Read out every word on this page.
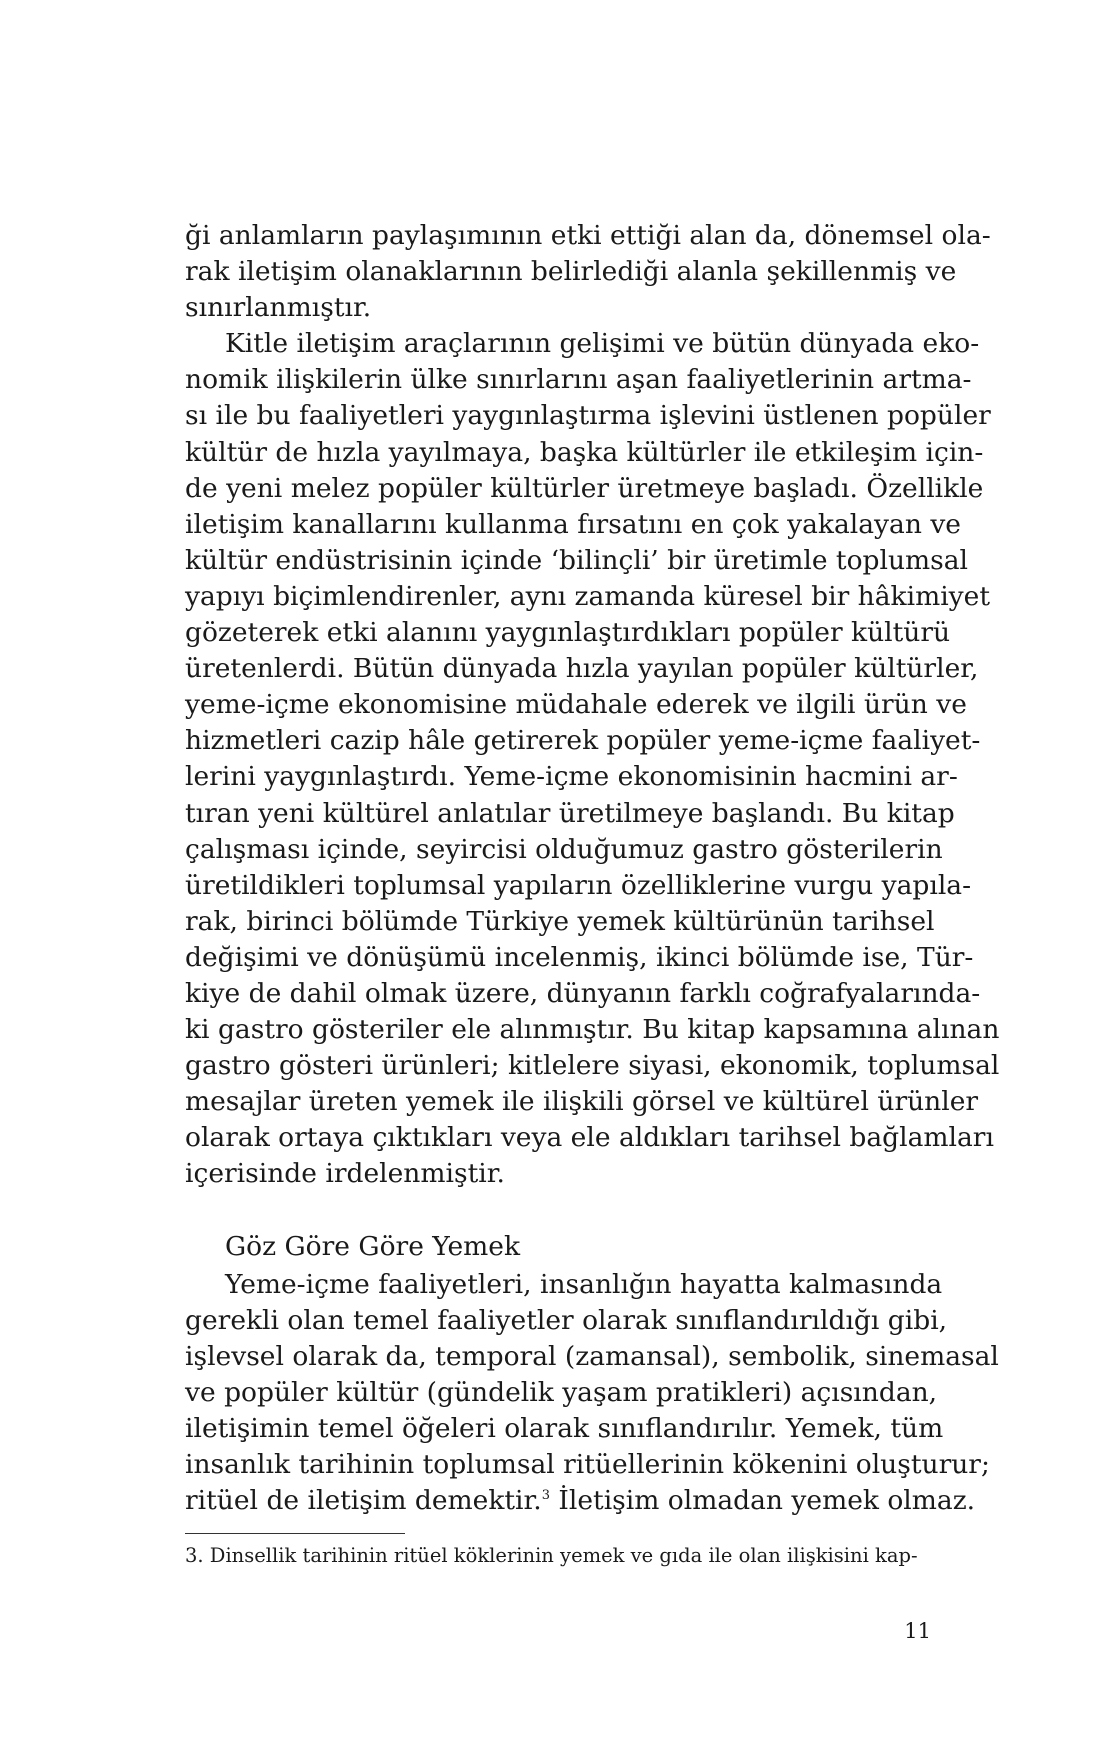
ği anlamların paylaşımının etki ettiği alan da, dönemsel ola-
rak iletişim olanaklarının belirlediği alanla şekillenmiş ve
sınırlanmıştır.
Kitle iletişim araçlarının gelişimi ve bütün dünyada eko-
nomik ilişkilerin ülke sınırlarını aşan faaliyetlerinin artma-
sı ile bu faaliyetleri yaygınlaştırma işlevini üstlenen popüler
kültür de hızla yayılmaya, başka kültürler ile etkileşim için-
de yeni melez popüler kültürler üretmeye başladı. Özellikle
iletişim kanallarını kullanma fırsatını en çok yakalayan ve
kültür endüstrisinin içinde ‘bilinçli’ bir üretimle toplumsal
yapıyı biçimlendirenler, aynı zamanda küresel bir hâkimiyet
gözeterek etki alanını yaygınlaştırdıkları popüler kültürü
üretenlerdi. Bütün dünyada hızla yayılan popüler kültürler,
yeme-içme ekonomisine müdahale ederek ve ilgili ürün ve
hizmetleri cazip hâle getirerek popüler yeme-içme faaliyet-
lerini yaygınlaştırdı. Yeme-içme ekonomisinin hacmini ar-
tıran yeni kültürel anlatılar üretilmeye başlandı. Bu kitap
çalışması içinde, seyircisi olduğumuz gastro gösterilerin
üretildikleri toplumsal yapıların özelliklerine vurgu yapıla-
rak, birinci bölümde Türkiye yemek kültürünün tarihsel
değişimi ve dönüşümü incelenmiş, ikinci bölümde ise, Tür-
kiye de dahil olmak üzere, dünyanın farklı coğrafyalarında-
ki gastro gösteriler ele alınmıştır. Bu kitap kapsamına alınan
gastro gösteri ürünleri; kitlelere siyasi, ekonomik, toplumsal
mesajlar üreten yemek ile ilişkili görsel ve kültürel ürünler
olarak ortaya çıktıkları veya ele aldıkları tarihsel bağlamları
içerisinde irdelenmiştir.
Göz Göre Göre Yemek
Yeme-içme faaliyetleri, insanlığın hayatta kalmasında
gerekli olan temel faaliyetler olarak sınıflandırıldığı gibi,
işlevsel olarak da, temporal (zamansal), sembolik, sinemasal
ve popüler kültür (gündelik yaşam pratikleri) açısından,
iletişimin temel öğeleri olarak sınıflandırılır. Yemek, tüm
insanlık tarihinin toplumsal ritüellerinin kökenini oluşturur;
ritüel de iletişim demektir.$^3$ İletişim olmadan yemek olmaz.
3. Dinsellik tarihinin ritüel köklerinin yemek ve gıda ile olan ilişkisini kap-
11
